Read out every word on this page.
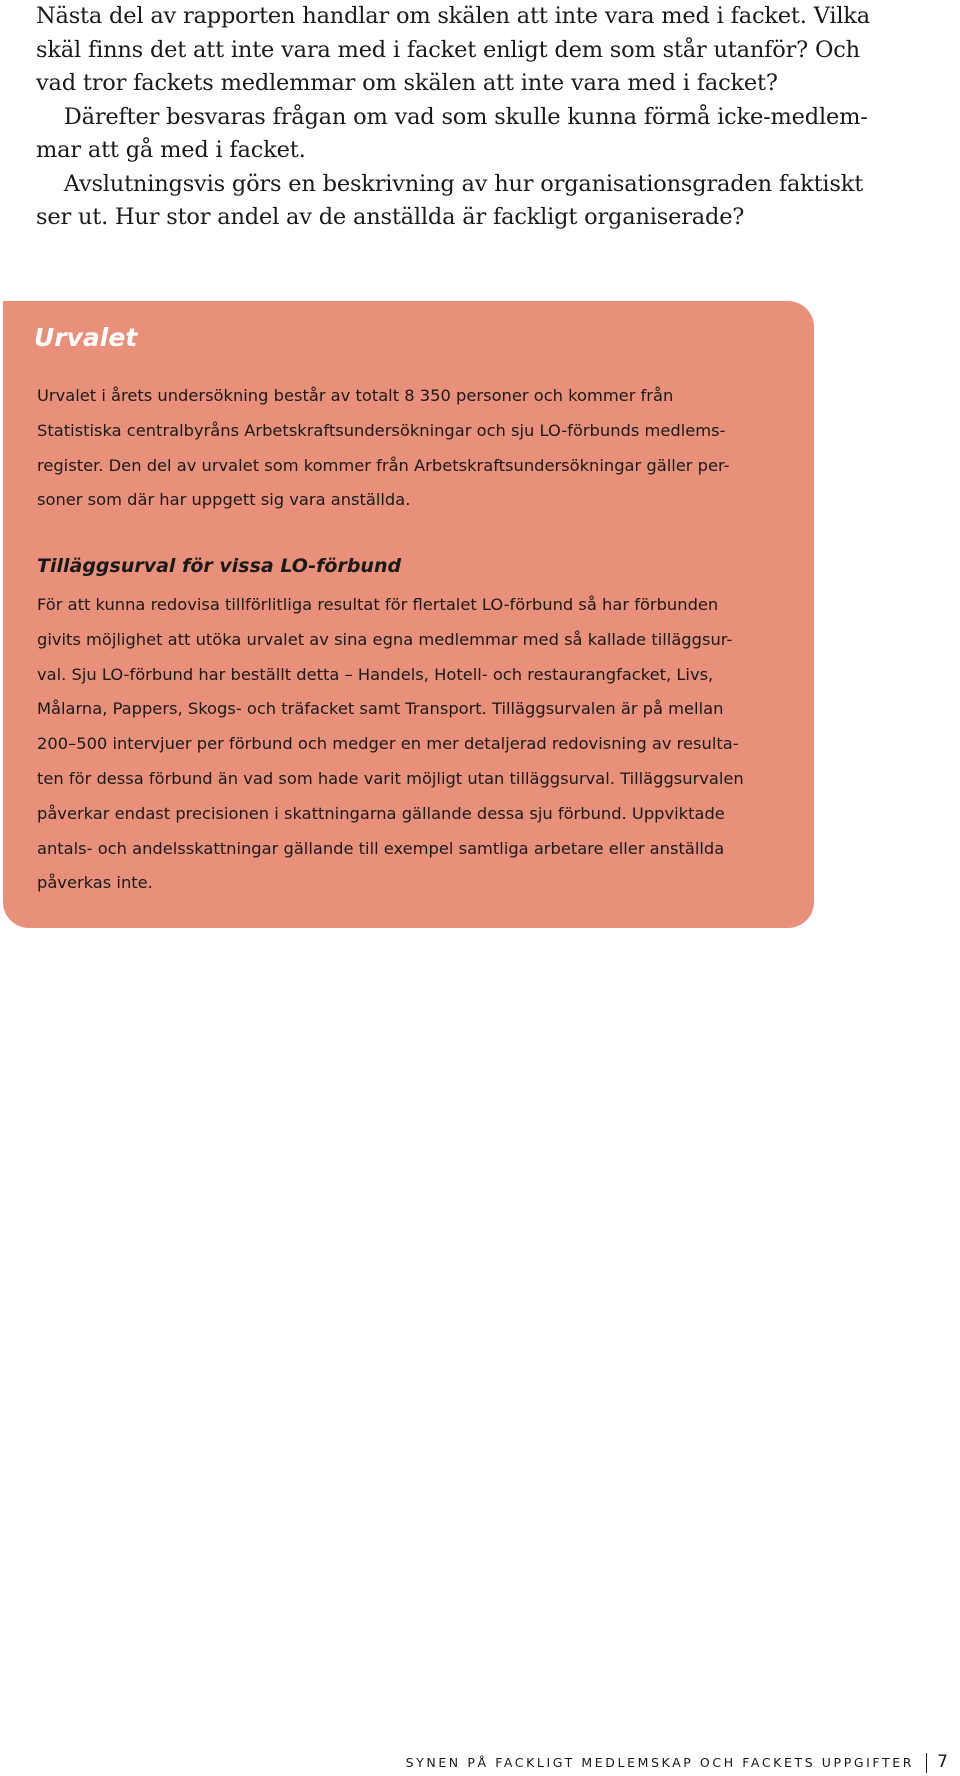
Nästa del av rapporten handlar om skälen att inte vara med i facket. Vilka
skäl finns det att inte vara med i facket enligt dem som står utanför? Och
vad tror fackets medlemmar om skälen att inte vara med i facket?

Därefter besvaras frågan om vad som skulle kunna förmå icke-medlem-
mar att gå med i facket.

Avslutningsvis görs en beskrivning av hur organisationsgraden faktiskt
ser ut. Hur stor andel av de anställda är fackligt organiserade?

Urvalet

Urvalet i årets undersökning består av totalt 8 350 personer och kommer från
Statistiska centralbyråns Arbetskraftsundersökningar och sju LO-förbunds medlems-
register. Den del av urvalet som kommer från Arbetskraftsundersökningar gäller per-
soner som där har uppgett sig vara anställda.

Tilläggsurval för vissa LO-förbund

För att kunna redovisa tillförlitliga resultat för flertalet LO-förbund så har förbunden
givits möjlighet att utöka urvalet av sina egna medlemmar med så kallade tilläggsur-
val. Sju LO-förbund har beställt detta – Handels, Hotell- och restaurangfacket, Livs,
Målarna, Pappers, Skogs- och träfacket samt Transport. Tilläggsurvalen är på mellan
200–500 intervjuer per förbund och medger en mer detaljerad redovisning av resulta-
ten för dessa förbund än vad som hade varit möjligt utan tilläggsurval. Tilläggsurvalen
påverkar endast precisionen i skattningarna gällande dessa sju förbund. Uppviktade
antals- och andelsskattningar gällande till exempel samtliga arbetare eller anställda
påverkas inte.

SYNEN PÅ FACKLIGT MEDLEMSKAP OCH FACKETS UPPGIFTER 7
